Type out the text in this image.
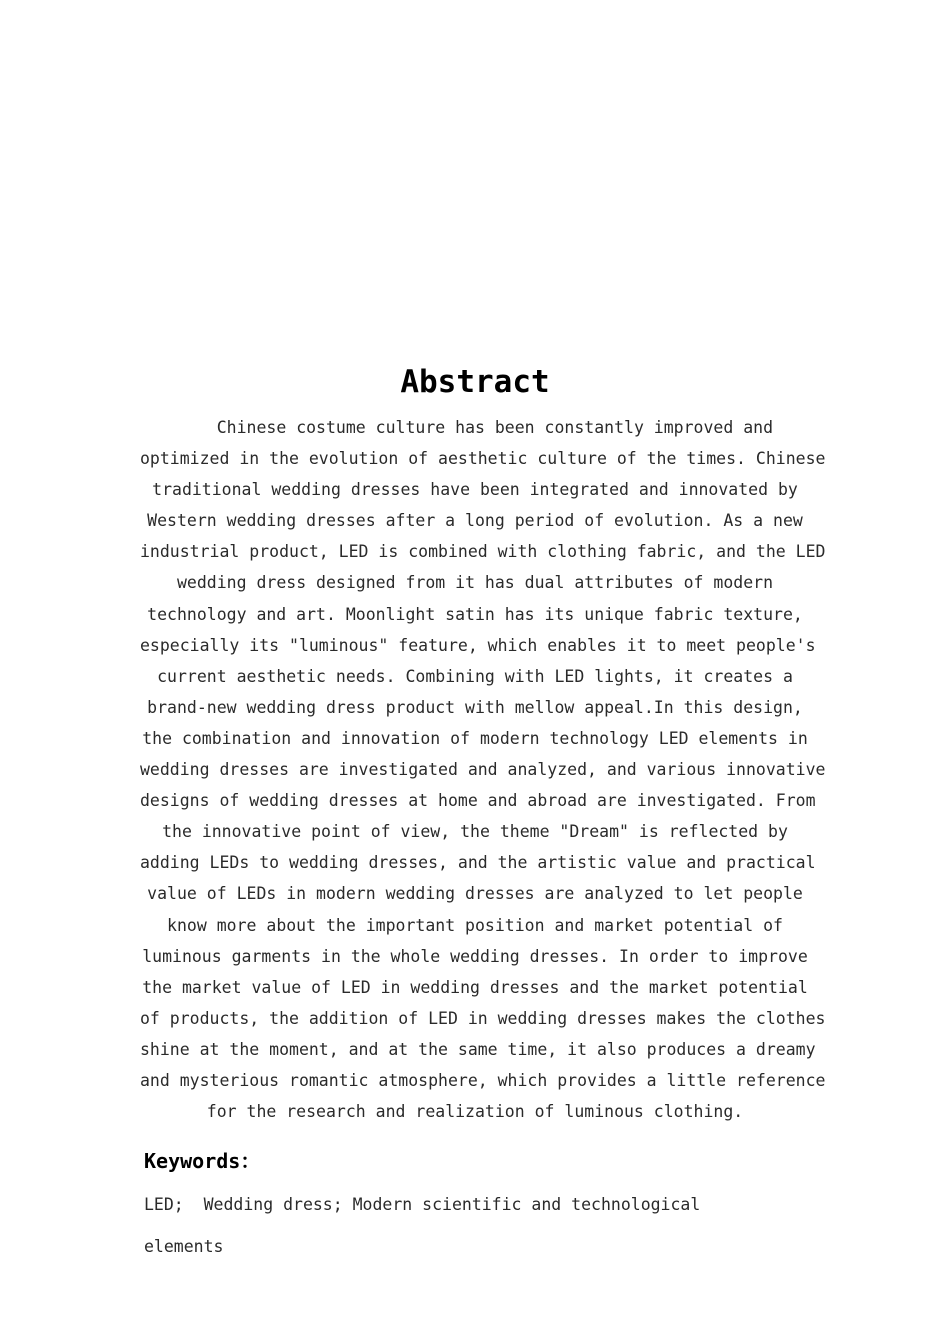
Abstract
Chinese costume culture has been constantly improved and
optimized in the evolution of aesthetic culture of the times. Chinese
traditional wedding dresses have been integrated and innovated by
Western wedding dresses after a long period of evolution. As a new
industrial product, LED is combined with clothing fabric, and the LED
wedding dress designed from it has dual attributes of modern
technology and art. Moonlight satin has its unique fabric texture,
especially its "luminous" feature, which enables it to meet people's
current aesthetic needs. Combining with LED lights, it creates a
brand-new wedding dress product with mellow appeal.In this design,
the combination and innovation of modern technology LED elements in
wedding dresses are investigated and analyzed, and various innovative
designs of wedding dresses at home and abroad are investigated. From
the innovative point of view, the theme "Dream" is reflected by
adding LEDs to wedding dresses, and the artistic value and practical
value of LEDs in modern wedding dresses are analyzed to let people
know more about the important position and market potential of
luminous garments in the whole wedding dresses. In order to improve
the market value of LED in wedding dresses and the market potential
of products, the addition of LED in wedding dresses makes the clothes
shine at the moment, and at the same time, it also produces a dreamy
and mysterious romantic atmosphere, which provides a little reference
for the research and realization of luminous clothing.
Keywords：LED;  Wedding dress; Modern scientific and technological
elements
